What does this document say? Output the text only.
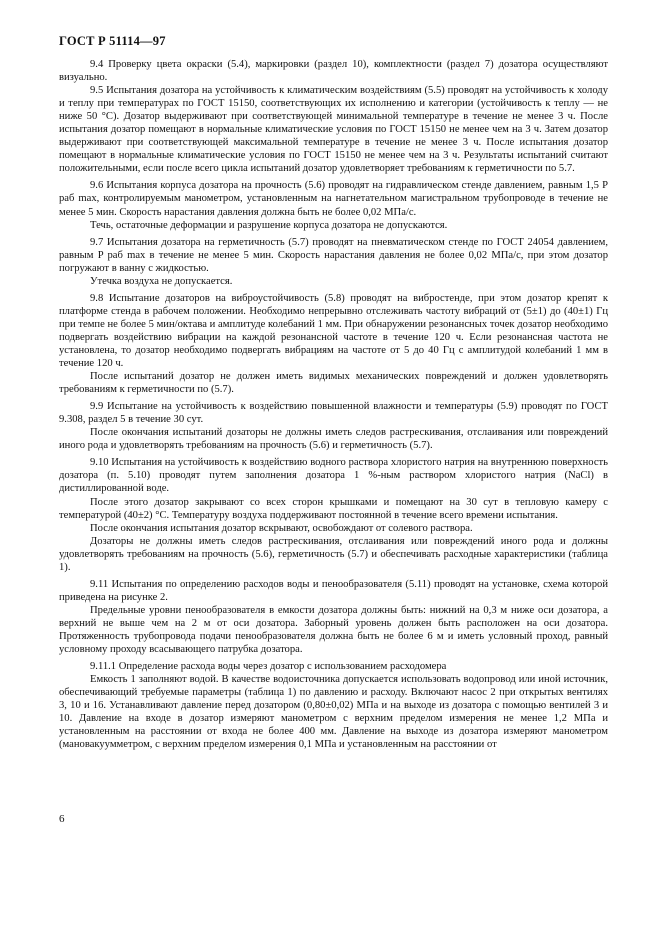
ГОСТ Р 51114—97

9.4 Проверку цвета окраски (5.4), маркировки (раздел 10), комплектности (раздел 7) дозатора осуществляют визуально.

9.5 Испытания дозатора на устойчивость к климатическим воздействиям (5.5) проводят на устойчивость к холоду и теплу при температурах по ГОСТ 15150, соответствующих их исполнению и категории (устойчивость к теплу — не ниже 50 °С). Дозатор выдерживают при соответствующей минимальной температуре в течение не менее 3 ч. После испытания дозатор помещают в нормальные климатические условия по ГОСТ 15150 не менее чем на 3 ч. Затем дозатор выдерживают при соответствующей максимальной температуре в течение не менее 3 ч. После испытания дозатор помещают в нормальные климатические условия по ГОСТ 15150 не менее чем на 3 ч. Результаты испытаний считают положительными, если после всего цикла испытаний дозатор удовлетворяет требованиям к герметичности по 5.7.

9.6 Испытания корпуса дозатора на прочность (5.6) проводят на гидравлическом стенде давлением, равным 1,5 P раб max, контролируемым манометром, установленным на нагнетательном магистральном трубопроводе в течение не менее 5 мин. Скорость нарастания давления должна быть не более 0,02 МПа/с.

Течь, остаточные деформации и разрушение корпуса дозатора не допускаются.

9.7 Испытания дозатора на герметичность (5.7) проводят на пневматическом стенде по ГОСТ 24054 давлением, равным P раб max в течение не менее 5 мин. Скорость нарастания давления не более 0,02 МПа/с, при этом дозатор погружают в ванну с жидкостью.

Утечка воздуха не допускается.

9.8 Испытание дозаторов на виброустойчивость (5.8) проводят на вибростенде, при этом дозатор крепят к платформе стенда в рабочем положении. Необходимо непрерывно отслеживать частоту вибраций от (5±1) до (40±1) Гц при темпе не более 5 мин/октава и амплитуде колебаний 1 мм. При обнаружении резонансных точек дозатор необходимо подвергать воздействию вибрации на каждой резонансной частоте в течение 120 ч. Если резонансная частота не установлена, то дозатор необходимо подвергать вибрациям на частоте от 5 до 40 Гц с амплитудой колебаний 1 мм в течение 120 ч.

После испытаний дозатор не должен иметь видимых механических повреждений и должен удовлетворять требованиям к герметичности по (5.7).

9.9 Испытание на устойчивость к воздействию повышенной влажности и температуры (5.9) проводят по ГОСТ 9.308, раздел 5 в течение 30 сут.

После окончания испытаний дозаторы не должны иметь следов растрескивания, отслаивания или повреждений иного рода и удовлетворять требованиям на прочность (5.6) и герметичность (5.7).

9.10 Испытания на устойчивость к воздействию водного раствора хлористого натрия на внутреннюю поверхность дозатора (п. 5.10) проводят путем заполнения дозатора 1 %-ным раствором хлористого натрия (NaCl) в дистиллированной воде.

После этого дозатор закрывают со всех сторон крышками и помещают на 30 сут в тепловую камеру с температурой (40±2) °С. Температуру воздуха поддерживают постоянной в течение всего времени испытания.

После окончания испытания дозатор вскрывают, освобождают от солевого раствора.

Дозаторы не должны иметь следов растрескивания, отслаивания или повреждений иного рода и должны удовлетворять требованиям на прочность (5.6), герметичность (5.7) и обеспечивать расходные характеристики (таблица 1).

9.11 Испытания по определению расходов воды и пенообразователя (5.11) проводят на установке, схема которой приведена на рисунке 2.

Предельные уровни пенообразователя в емкости дозатора должны быть: нижний на 0,3 м ниже оси дозатора, а верхний не выше чем на 2 м от оси дозатора. Заборный уровень должен быть расположен на оси дозатора. Протяженность трубопровода подачи пенообразователя должна быть не более 6 м и иметь условный проход, равный условному проходу всасывающего патрубка дозатора.

9.11.1 Определение расхода воды через дозатор с использованием расходомера

Емкость 1 заполняют водой. В качестве водоисточника допускается использовать водопровод или иной источник, обеспечивающий требуемые параметры (таблица 1) по давлению и расходу. Включают насос 2 при открытых вентилях 3, 10 и 16. Устанавливают давление перед дозатором (0,80±0,02) МПа и на выходе из дозатора с помощью вентилей 3 и 10. Давление на входе в дозатор измеряют манометром с верхним пределом измерения не менее 1,2 МПа и установленным на расстоянии от входа не более 400 мм. Давление на выходе из дозатора измеряют манометром (мановакуумметром, с верхним пределом измерения 0,1 МПа и установленным на расстоянии от

6
